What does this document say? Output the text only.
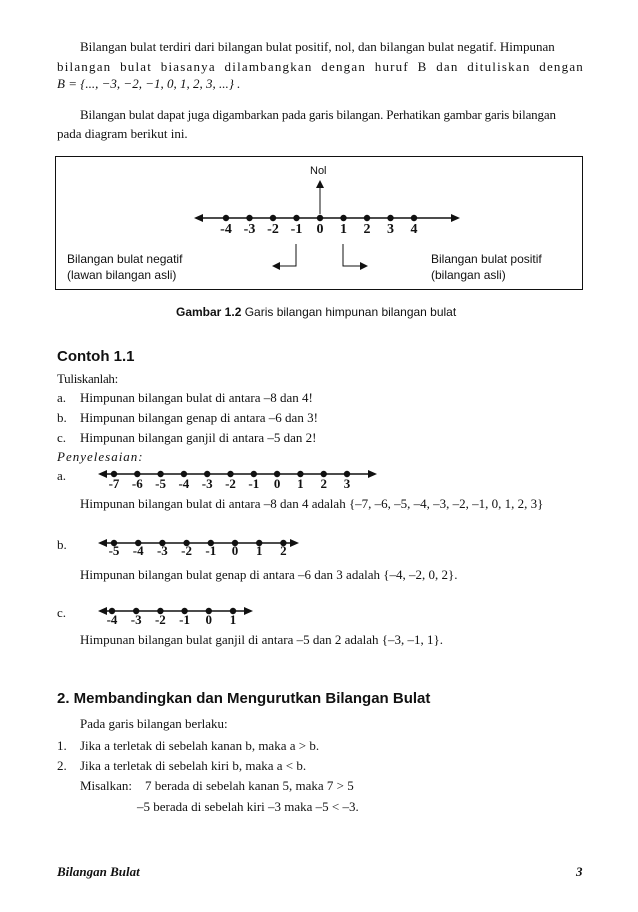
Bilangan bulat terdiri dari bilangan bulat positif, nol, dan bilangan bulat negatif. Himpunan
bilangan bulat biasanya dilambangkan dengan huruf B dan dituliskan dengan
B = {..., −3, −2, −1, 0, 1, 2, 3, ...} .
Bilangan bulat dapat juga digambarkan pada garis bilangan. Perhatikan gambar garis bilangan
pada diagram berikut ini.
Nol
Bilangan bulat negatif
(lawan bilangan asli)
Bilangan bulat positif
(bilangan asli)
-4 -3 -2 -1	0	1	2	3	4
Gambar 1.2 Garis bilangan himpunan bilangan bulat
Contoh 1.1
Tuliskanlah:
a. Himpunan bilangan bulat di antara –8 dan 4!
b. Himpunan bilangan genap di antara –6 dan 3!
c. Himpunan bilangan ganjil di antara –5 dan 2!
Penyelesaian:
a.
-7 -6 -5 -4 -3 -2 -1	0	1	2	3
Himpunan bilangan bulat di antara –8 dan 4 adalah {–7, –6, –5, –4, –3, –2, –1, 0, 1, 2, 3}
b.	-5	-4	-3	-2	-1	0	1	2
Himpunan bilangan bulat genap di antara –6 dan 3 adalah {–4, –2, 0, 2}.
c.	-4	-3	-2	-1	0	1
Himpunan bilangan bulat ganjil di antara –5 dan 2 adalah {–3, –1, 1}.
2. Membandingkan dan Mengurutkan Bilangan Bulat
Pada garis bilangan berlaku:
1. Jika a terletak di sebelah kanan b, maka a > b.
2. Jika a terletak di sebelah kiri b, maka a < b.
Misalkan: 7 berada di sebelah kanan 5, maka 7 > 5
–5 berada di sebelah kiri –3 maka –5 < –3.
Bilangan Bulat	3
